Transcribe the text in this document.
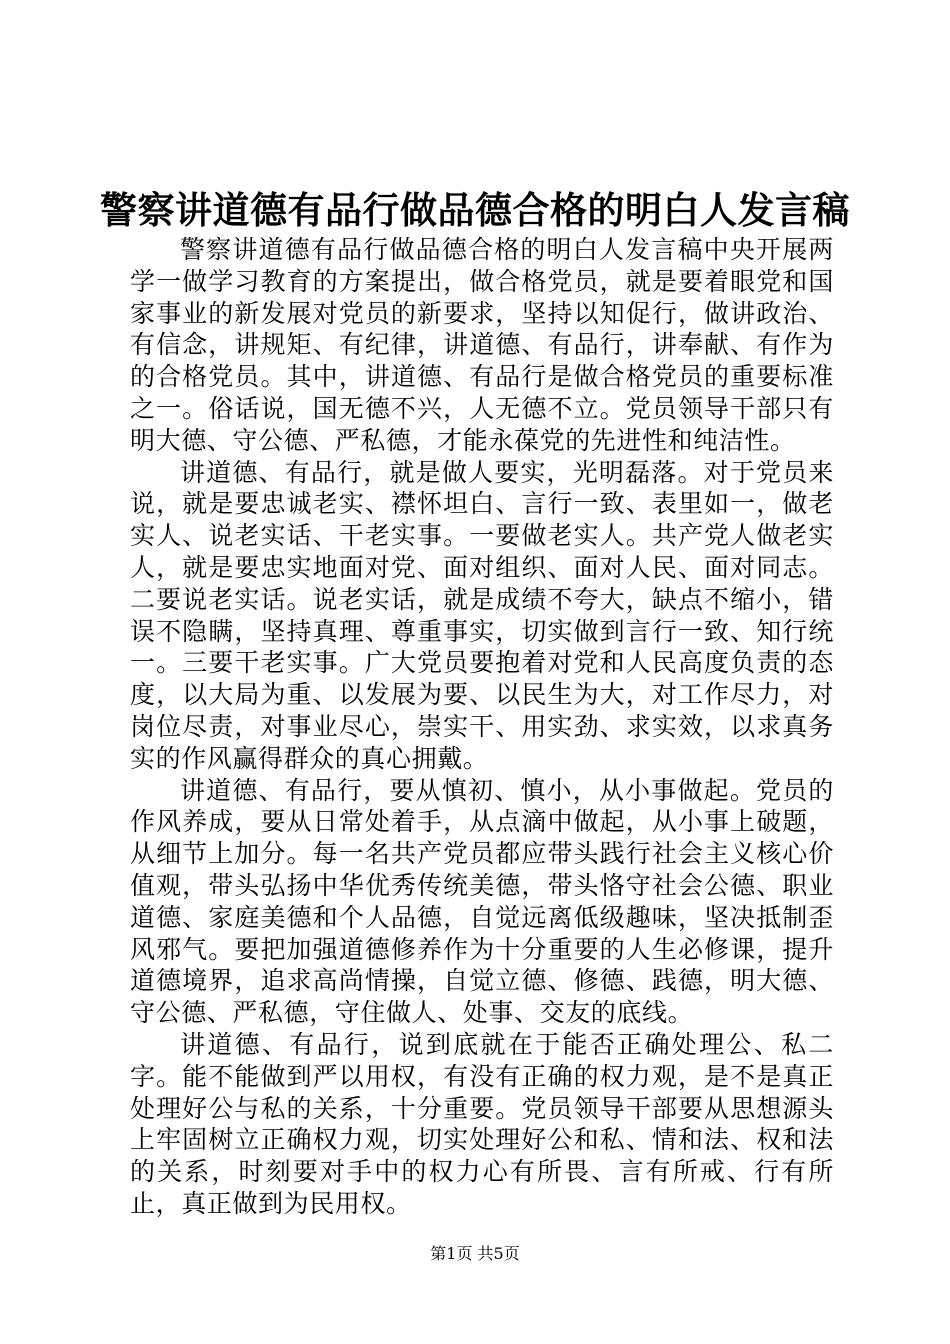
警察讲道德有品行做品德合格的明白人发言稿

警察讲道德有品行做品德合格的明白人发言稿中央开展两学一做学习教育的方案提出，做合格党员，就是要着眼党和国家事业的新发展对党员的新要求，坚持以知促行，做讲政治、有信念，讲规矩、有纪律，讲道德、有品行，讲奉献、有作为的合格党员。其中，讲道德、有品行是做合格党员的重要标准之一。俗话说，国无德不兴，人无德不立。党员领导干部只有明大德、守公德、严私德，才能永葆党的先进性和纯洁性。

讲道德、有品行，就是做人要实，光明磊落。对于党员来说，就是要忠诚老实、襟怀坦白、言行一致、表里如一，做老实人、说老实话、干老实事。一要做老实人。共产党人做老实人，就是要忠实地面对党、面对组织、面对人民、面对同志。二要说老实话。说老实话，就是成绩不夸大，缺点不缩小，错误不隐瞒，坚持真理、尊重事实，切实做到言行一致、知行统一。三要干老实事。广大党员要抱着对党和人民高度负责的态度，以大局为重、以发展为要、以民生为大，对工作尽力，对岗位尽责，对事业尽心，崇实干、用实劲、求实效，以求真务实的作风赢得群众的真心拥戴。

讲道德、有品行，要从慎初、慎小，从小事做起。党员的作风养成，要从日常处着手，从点滴中做起，从小事上破题，从细节上加分。每一名共产党员都应带头践行社会主义核心价值观，带头弘扬中华优秀传统美德，带头恪守社会公德、职业道德、家庭美德和个人品德，自觉远离低级趣味，坚决抵制歪风邪气。要把加强道德修养作为十分重要的人生必修课，提升道德境界，追求高尚情操，自觉立德、修德、践德，明大德、守公德、严私德，守住做人、处事、交友的底线。

讲道德、有品行，说到底就在于能否正确处理公、私二字。能不能做到严以用权，有没有正确的权力观，是不是真正处理好公与私的关系，十分重要。党员领导干部要从思想源头上牢固树立正确权力观，切实处理好公和私、情和法、权和法的关系，时刻要对手中的权力心有所畏、言有所戒、行有所止，真正做到为民用权。

第1页 共5页
